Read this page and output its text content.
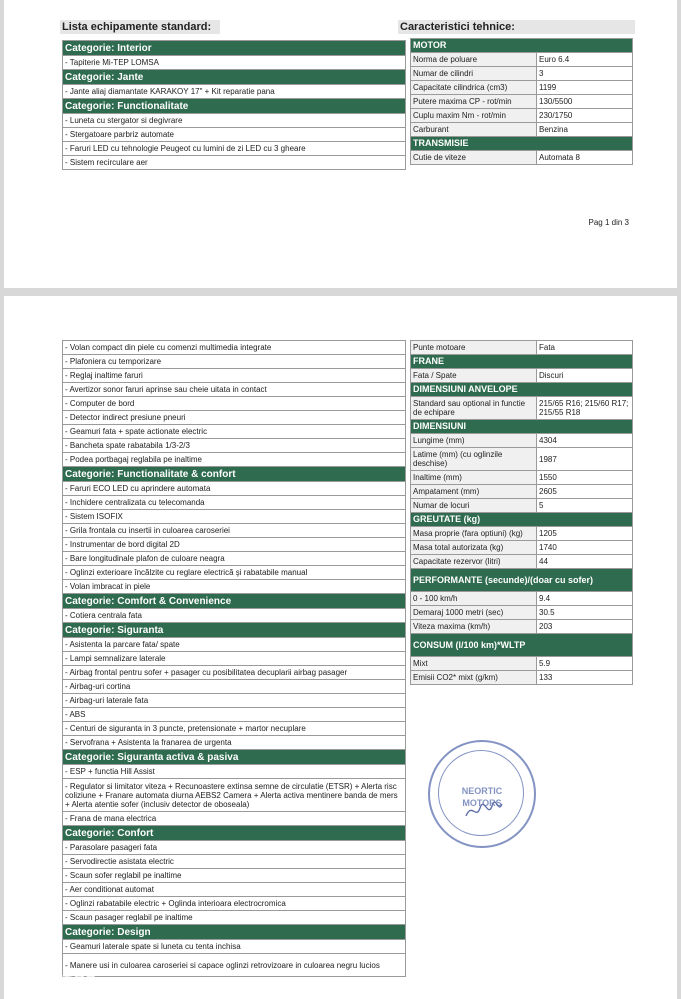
Lista echipamente standard:	Caracteristici tehnice:
Categorie: Interior
- Tapiterie Mi-TEP LOMSA
Categorie: Jante
- Jante aliaj diamantate KARAKOY 17" + Kit reparatie pana
Categorie: Functionalitate
- Luneta cu stergator si degivrare
- Stergatoare parbriz automate
- Faruri LED cu tehnologie Peugeot cu lumini de zi LED cu 3 gheare
- Sistem recirculare aer
MOTOR	
Norma de poluare	Euro 6.4
Numar de cilindri	3
Capacitate cilindrica (cm3)	1199
Putere maxima CP - rot/min	130/5500
Cuplu maxim Nm - rot/min	230/1750
Carburant	Benzina
TRANSMISIE	
Cutie de viteze	Automata 8
Pag 1 din 3
- Volan compact din piele cu comenzi multimedia integrate
- Plafoniera cu temporizare
- Reglaj inaltime faruri
- Avertizor sonor faruri aprinse sau cheie uitata in contact
- Computer de bord
- Detector indirect presiune pneuri
- Geamuri fata + spate actionate electric
- Bancheta spate rabatabila 1/3-2/3
- Podea portbagaj reglabila pe inaltime
Categorie: Functionalitate & confort
- Faruri ECO LED cu aprindere automata
- Inchidere centralizata cu telecomanda
- Sistem ISOFIX
- Grila frontala cu insertii in culoarea caroseriei
- Instrumentar de bord digital 2D
- Bare longitudinale plafon de culoare neagra
- Oglinzi exterioare încălzite cu reglare electrică şi rabatabile manual
- Volan imbracat in piele
Categorie: Comfort & Convenience
- Cotiera centrala fata
Categorie: Siguranta
- Asistenta la parcare fata/ spate
- Lampi semnalizare laterale
- Airbag frontal pentru sofer + pasager cu posibilitatea decuplarii airbag pasager
- Airbag-uri cortina
- Airbag-uri laterale fata
- ABS
- Centuri de siguranta in 3 puncte, pretensionate + martor necuplare
- Servofrana + Asistenta la franarea de urgenta
Categorie: Siguranta activa & pasiva
- ESP + functia Hill Assist
- Regulator si limitator viteza + Recunoastere extinsa semne de circulatie (ETSR) + Alerta risc coliziune + Franare automata diurna AEBS2 Camera + Alerta activa mentinere banda de mers + Alerta atentie sofer (inclusiv detector de oboseala)
- Frana de mana electrica
Categorie: Confort
- Parasolare pasageri fata
- Servodirectie asistata electric
- Scaun sofer reglabil pe inaltime
- Aer conditionat automat
- Oglinzi rabatabile electric + Oglinda interioara electrocromica
- Scaun pasager reglabil pe inaltime
Categorie: Design
- Geamuri laterale spate si luneta cu tenta inchisa
- Manere usi in culoarea caroseriei si capace oglinzi retrovizoare in culoarea negru lucios
Punte motoare	Fata
FRANE	
Fata / Spate	Discuri
DIMENSIUNI ANVELOPE	
Standard sau optional in functie de echipare	215/65 R16; 215/60 R17; 215/55 R18
DIMENSIUNI	
Lungime (mm)	4304
Latime (mm) (cu oglinzile deschise)	1987
Inaltime (mm)	1550
Ampatament (mm)	2605
Numar de locuri	5
GREUTATE (kg)	
Masa proprie (fara optiuni) (kg)	1205
Masa total autorizata (kg)	1740
Capacitate rezervor (litri)	44
PERFORMANTE (secunde)/(doar cu sofer)	
0 - 100 km/h	9.4
Demaraj 1000 metri (sec)	30.5
Viteza maxima (km/h)	203
CONSUM (l/100 km)*WLTP	
Mixt	5.9
Emisii CO2* mixt (g/km)	133
NEORTIC
MOTORS
AUTOVIT.RO
